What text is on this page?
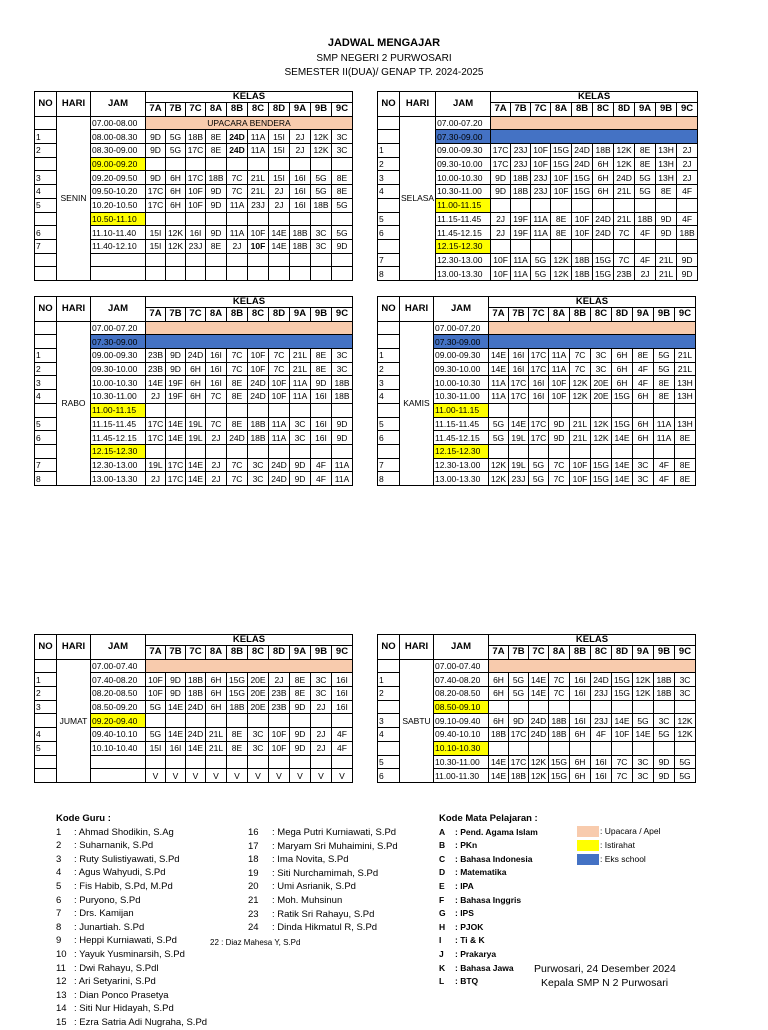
JADWAL MENGAJAR
SMP NEGERI 2 PURWOSARI
SEMESTER II(DUA)/ GENAP TP. 2024-2025
NO	HARI	JAM	KELAS									
			7A	7B	7C	8A	8B	8C	8D	9A	9B	9C
	SENIN	07.00-08.00	UPACARA BENDERA									
1		08.00-08.30	9D	5G	18B	8E	24D	11A	15I	2J	12K	3C
2		08.30-09.00	9D	5G	17C	8E	24D	11A	15I	2J	12K	3C
		09.00-09.20										
3		09.20-09.50	9D	6H	17C	18B	7C	21L	15I	16I	5G	8E
4		09.50-10.20	17C	6H	10F	9D	7C	21L	2J	16I	5G	8E
5		10.20-10.50	17C	6H	10F	9D	11A	23J	2J	16I	18B	5G
		10.50-11.10										
6		11.10-11.40	15I	12K	16I	9D	11A	10F	14E	18B	3C	5G
7		11.40-12.10	15I	12K	23J	8E	2J	10F	14E	18B	3C	9D

NO	HARI	JAM	KELAS									
			7A	7B	7C	8A	8B	8C	8D	9A	9B	9C
	SELASA	07.00-07.20										
		07.30-09.00										
1		09.00-09.30	17C	23J	10F	15G	24D	18B	12K	8E	13H	2J
2		09.30-10.00	17C	23J	10F	15G	24D	6H	12K	8E	13H	2J
3		10.00-10.30	9D	18B	23J	10F	15G	6H	24D	5G	13H	2J
4		10.30-11.00	9D	18B	23J	10F	15G	6H	21L	5G	8E	4F
		11.00-11.15										
5		11.15-11.45	2J	19F	11A	8E	10F	24D	21L	18B	9D	4F
6		11.45-12.15	2J	19F	11A	8E	10F	24D	7C	4F	9D	18B
		12.15-12.30										
7		12.30-13.00	10F	11A	5G	12K	18B	15G	7C	4F	21L	9D
8		13.00-13.30	10F	11A	5G	12K	18B	15G	23B	2J	21L	9D
NO	HARI	JAM	KELAS									
			7A	7B	7C	8A	8B	8C	8D	9A	9B	9C
	RABO	07.00-07.20										
		07.30-09.00										
1		09.00-09.30	23B	9D	24D	16I	7C	10F	7C	21L	8E	3C
2		09.30-10.00	23B	9D	6H	16I	7C	10F	7C	21L	8E	3C
3		10.00-10.30	14E	19F	6H	16I	8E	24D	10F	11A	9D	18B
4		10.30-11.00	2J	19F	6H	7C	8E	24D	10F	11A	16I	18B
		11.00-11.15										
5		11.15-11.45	17C	14E	19L	7C	8E	18B	11A	3C	16I	9D
6		11.45-12.15	17C	14E	19L	2J	24D	18B	11A	3C	16I	9D
		12.15-12.30										
7		12.30-13.00	19L	17C	14E	2J	7C	3C	24D	9D	4F	11A
8		13.00-13.30	2J	17C	14E	2J	7C	3C	24D	9D	4F	11A
NO	HARI	JAM	KELAS									
			7A	7B	7C	8A	8B	8C	8D	9A	9B	9C
	KAMIS	07.00-07.20										
		07.30-09.00										
1		09.00-09.30	14E	16I	17C	11A	7C	3C	6H	8E	5G	21L
2		09.30-10.00	14E	16I	17C	11A	7C	3C	6H	4F	5G	21L
3		10.00-10.30	11A	17C	16I	10F	12K	20E	6H	4F	8E	13H
4		10.30-11.00	11A	17C	16I	10F	12K	20E	15G	6H	8E	13H
		11.00-11.15										
5		11.15-11.45	5G	14E	17C	9D	21L	12K	15G	6H	11A	13H
6		11.45-12.15	5G	19L	17C	9D	21L	12K	14E	6H	11A	8E
		12.15-12.30										
7		12.30-13.00	12K	19L	5G	7C	10F	15G	14E	3C	4F	8E
8		13.00-13.30	12K	23J	5G	7C	10F	15G	14E	3C	4F	8E
NO	HARI	JAM	KELAS									
			7A	7B	7C	8A	8B	8C	8D	9A	9B	9C
	JUMAT	07.00-07.40										
1		07.40-08.20	10F	9D	18B	6H	15G	20E	2J	8E	3C	16I
2		08.20-08.50	10F	9D	18B	6H	15G	20E	23B	8E	3C	16I
3		08.50-09.20	5G	14E	24D	6H	18B	20E	23B	9D	2J	16I
		09.20-09.40										
4		09.40-10.10	5G	14E	24D	21L	8E	3C	10F	9D	2J	4F
5		10.10-10.40	15I	16I	14E	21L	8E	3C	10F	9D	2J	4F

			V	V	V	V	V	V	V	V	V	V
NO	HARI	JAM	KELAS									
			7A	7B	7C	8A	8B	8C	8D	9A	9B	9C
	SABTU	07.00-07.40										
1		07.40-08.20	6H	5G	14E	7C	16I	24D	15G	12K	18B	3C
2		08.20-08.50	6H	5G	14E	7C	16I	23J	15G	12K	18B	3C
		08.50-09.10										
3		09.10-09.40	6H	9D	24D	18B	16I	23J	14E	5G	3C	12K
4		09.40-10.10	18B	17C	24D	18B	6H	4F	10F	14E	5G	12K
		10.10-10.30										
5		10.30-11.00	14E	17C	12K	15G	6H	16I	7C	3C	9D	5G
6		11.00-11.30	14E	18B	12K	15G	6H	16I	7C	3C	9D	5G
Kode Guru :
1 : Ahmad Shodikin, S.Ag
2 : Suharnanik, S.Pd
3 : Ruty Sulistiyawati, S.Pd
4 : Agus Wahyudi, S.Pd
5 : Fis Habib, S.Pd, M.Pd
6 : Puryono, S.Pd
7 : Drs. Kamijan
8 : Junartiah. S.Pd
9 : Heppi Kurniawati, S.Pd
10 : Yayuk Yusminarsih, S.Pd
11 : Dwi Rahayu, S.Pdl
12 : Ari Setyarini, S.Pd
13 : Dian Ponco Prasetya
14 : Siti Nur Hidayah, S.Pd
15 : Ezra Satria Adi Nugraha, S.Pd
16 : Mega Putri Kurniawati, S.Pd
17 : Maryam Sri Muhaimini, S.Pd
18 : Ima Novita, S.Pd
19 : Siti Nurchamimah, S.Pd
20 : Umi Asrianik, S.Pd
21 : Moh. Muhsinun
23 : Ratik Sri Rahayu, S.Pd
24 : Dinda Hikmatul R, S.Pd
22 : Diaz Mahesa Y, S.Pd
Kode Mata Pelajaran :
A : Pend. Agama Islam
B : PKn
C : Bahasa Indonesia
D : Matematika
E : IPA
F : Bahasa Inggris
G : IPS
H : PJOK
I : Ti & K
J : Prakarya
K : Bahasa Jawa
L : BTQ
: Upacara / Apel
: Istirahat
: Eks school
Purwosari, 24 Desember 2024
Kepala SMP N 2 Purwosari
